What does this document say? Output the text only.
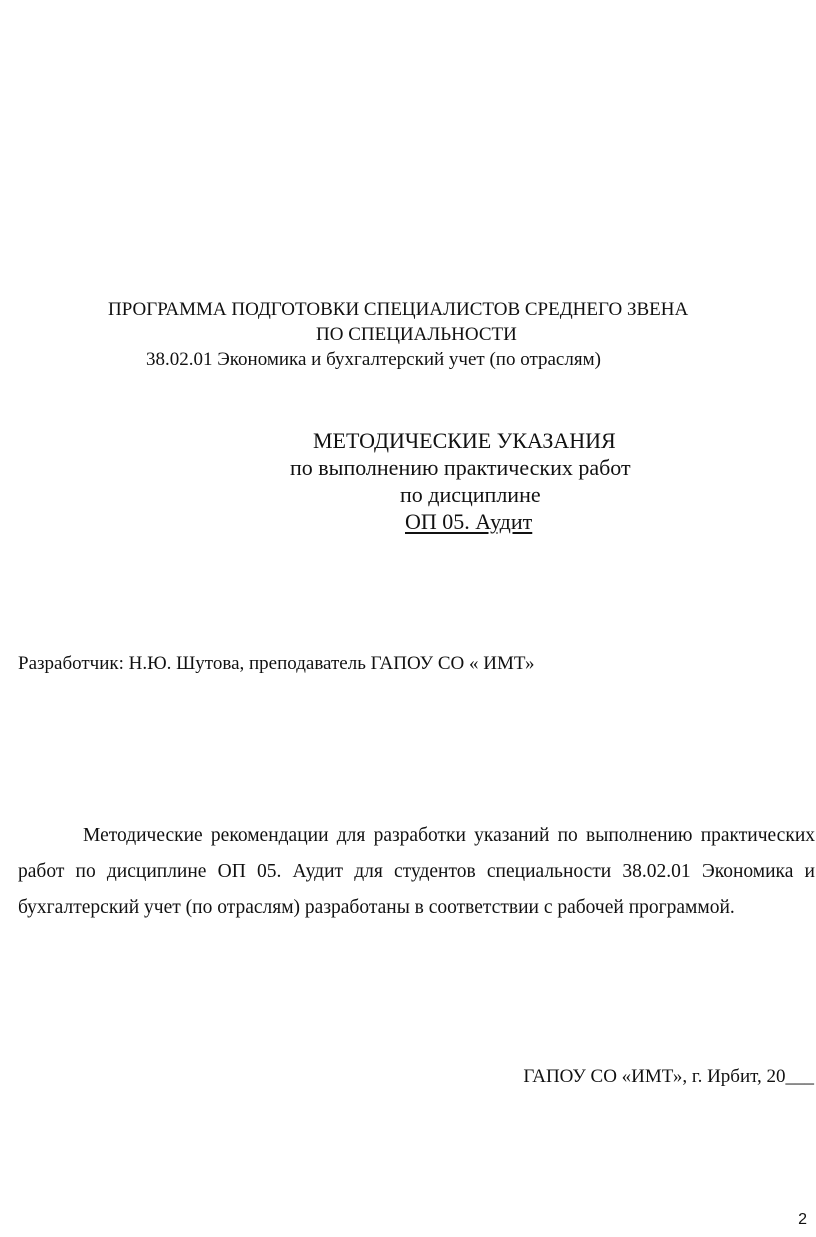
ПРОГРАММА ПОДГОТОВКИ СПЕЦИАЛИСТОВ СРЕДНЕГО ЗВЕНА
ПО СПЕЦИАЛЬНОСТИ
38.02.01 Экономика и бухгалтерский учет (по отраслям)
МЕТОДИЧЕСКИЕ УКАЗАНИЯ
по выполнению практических работ
по дисциплине
ОП 05. Аудит
Разработчик: Н.Ю. Шутова, преподаватель ГАПОУ СО « ИМТ»

Методические рекомендации для разработки указаний по выполнению практических работ по дисциплине ОП 05. Аудит для студентов специальности 38.02.01 Экономика и бухгалтерский учет (по отраслям) разработаны в соответствии с рабочей программой.

ГАПОУ СО «ИМТ», г. Ирбит, 20___
2
